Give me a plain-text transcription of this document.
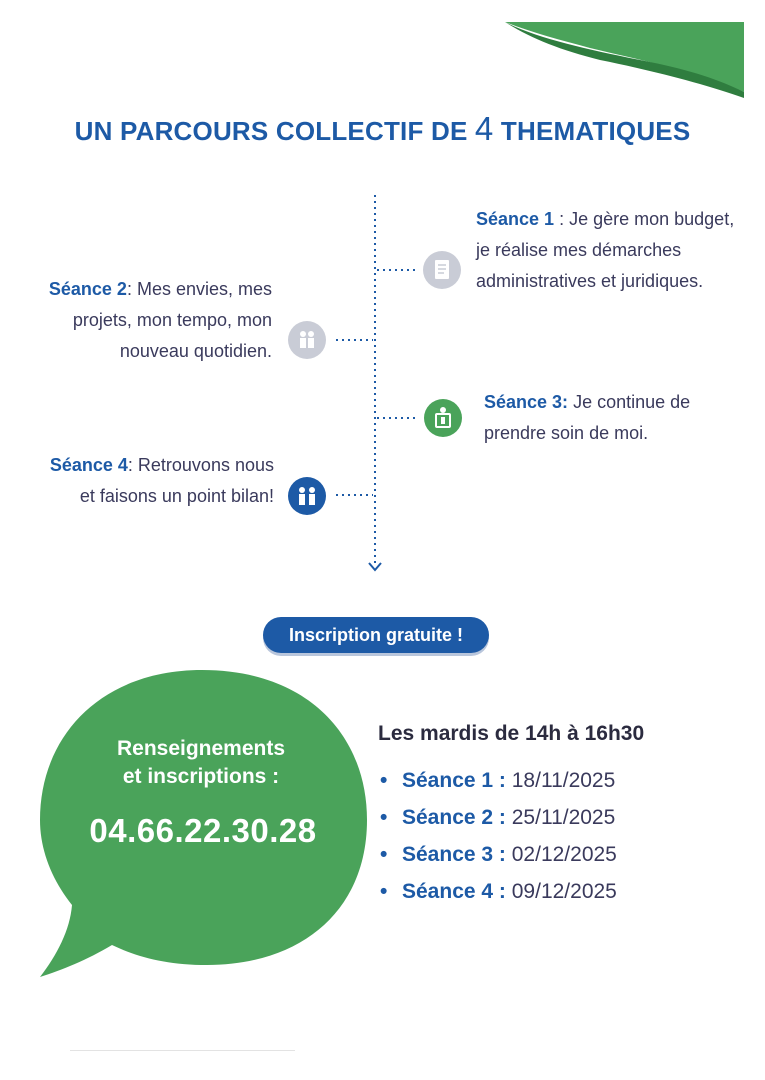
UN PARCOURS COLLECTIF DE 4 THEMATIQUES
Séance 1 : Je gère mon budget, je réalise mes démarches administratives et juridiques.
Séance 2: Mes envies, mes projets, mon tempo, mon nouveau quotidien.
Séance 3: Je continue de prendre soin de moi.
Séance 4: Retrouvons nous et faisons un point bilan!
Inscription gratuite !
Renseignements
et inscriptions :
04.66.22.30.28
Les mardis de 14h à 16h30
• Séance 1 : 18/11/2025
• Séance 2 : 25/11/2025
• Séance 3 : 02/12/2025
• Séance 4 : 09/12/2025
